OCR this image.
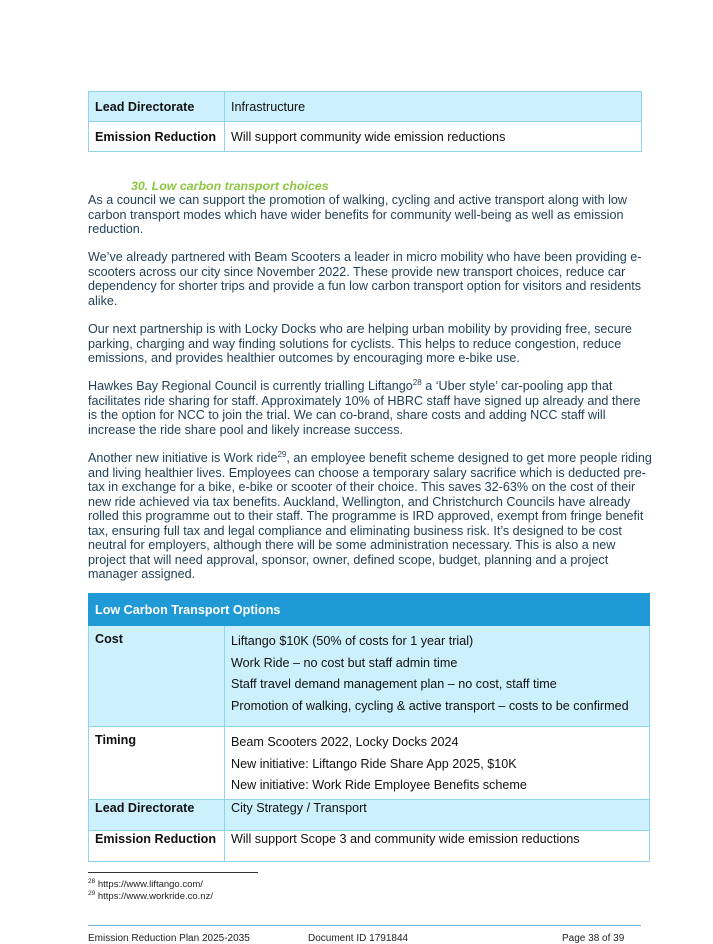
Lead Directorate	Infrastructure
Emission Reduction	Will support community wide emission reductions

30. Low carbon transport choices

As a council we can support the promotion of walking, cycling and active transport along with low carbon transport modes which have wider benefits for community well-being as well as emission reduction.

We’ve already partnered with Beam Scooters a leader in micro mobility who have been providing e-scooters across our city since November 2022. These provide new transport choices, reduce car dependency for shorter trips and provide a fun low carbon transport option for visitors and residents alike.

Our next partnership is with Locky Docks who are helping urban mobility by providing free, secure parking, charging and way finding solutions for cyclists. This helps to reduce congestion, reduce emissions, and provides healthier outcomes by encouraging more e-bike use.

Hawkes Bay Regional Council is currently trialling Liftango$^{28}$ a ‘Uber style’ car-pooling app that facilitates ride sharing for staff. Approximately 10% of HBRC staff have signed up already and there is the option for NCC to join the trial. We can co-brand, share costs and adding NCC staff will increase the ride share pool and likely increase success.

Another new initiative is Work ride$^{29}$, an employee benefit scheme designed to get more people riding and living healthier lives. Employees can choose a temporary salary sacrifice which is deducted pre-tax in exchange for a bike, e-bike or scooter of their choice. This saves 32-63% on the cost of their new ride achieved via tax benefits. Auckland, Wellington, and Christchurch Councils have already rolled this programme out to their staff. The programme is IRD approved, exempt from fringe benefit tax, ensuring full tax and legal compliance and eliminating business risk. It’s designed to be cost neutral for employers, although there will be some administration necessary. This is also a new project that will need approval, sponsor, owner, defined scope, budget, planning and a project manager assigned.

Low Carbon Transport Options	
Cost	Liftango $10K (50% of costs for 1 year trial)
Work Ride – no cost but staff admin time
Staff travel demand management plan – no cost, staff time
Promotion of walking, cycling & active transport – costs to be confirmed

Timing	Beam Scooters 2022, Locky Docks 2024
New initiative: Liftango Ride Share App 2025, $10K
New initiative: Work Ride Employee Benefits scheme

Lead Directorate	City Strategy / Transport
Emission Reduction	Will support Scope 3 and community wide emission reductions

$^{28}$ https://www.liftango.com/

$^{29}$ https://www.workride.co.nz/

Emission Reduction Plan 2025-2035	Document ID 1791844	Page 38 of 39
